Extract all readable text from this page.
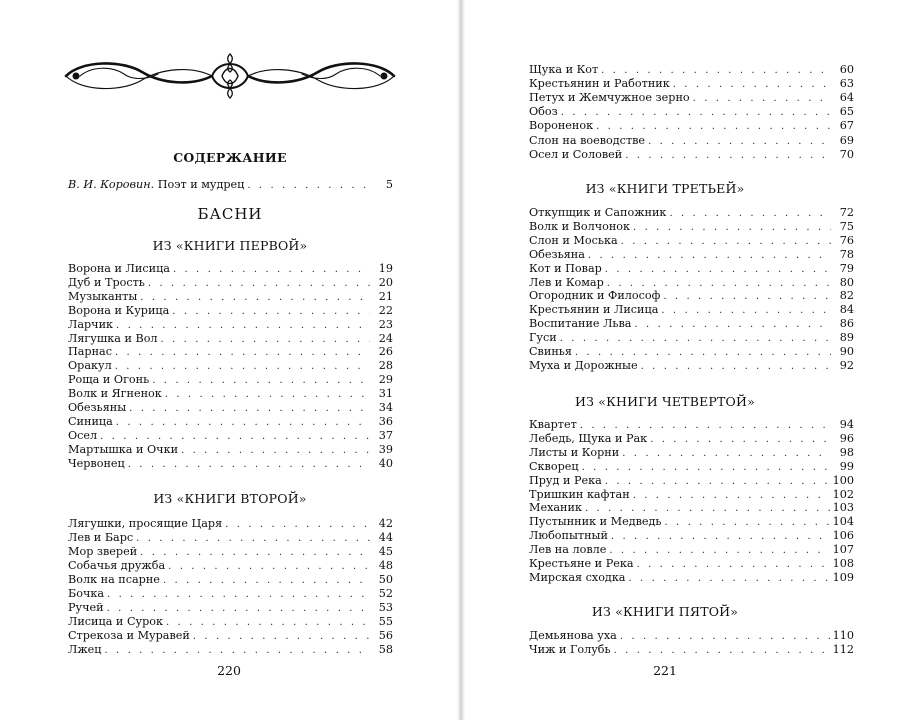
СОДЕРЖАНИЕ
В. И. Коровин. Поэт и мудрец . . .	5
БАСНИ
ИЗ «КНИГИ ПЕРВОЙ»
Ворона и Лисица . . .	19
Дуб и Трость . . .	20
Музыканты . . .	21
Ворона и Курица . . .	22
Ларчик . . .	23
Лягушка и Вол . . .	24
Парнас . . .	26
Оракул . . .	28
Роща и Огонь . . .	29
Волк и Ягненок . . .	31
Обезьяны . . .	34
Синица . . .	36
Осел . . .	37
Мартышка и Очки . . .	39
Червонец . . .	40
ИЗ «КНИГИ ВТОРОЙ»
Лягушки, просящие Царя . . .	42
Лев и Барс . . .	44
Мор зверей . . .	45
Собачья дружба . . .	48
Волк на псарне . . .	50
Бочка . . .	52
Ручей . . .	53
Лисица и Сурок . . .	55
Стрекоза и Муравей . . .	56
Лжец . . .	58
220
Щука и Кот . . .	60
Крестьянин и Работник . . .	63
Петух и Жемчужное зерно . . .	64
Обоз . . .	65
Вороненок . . .	67
Слон на воеводстве . . .	69
Осел и Соловей . . .	70
ИЗ «КНИГИ ТРЕТЬЕЙ»
Откупщик и Сапожник . . .	72
Волк и Волчонок . . .	75
Слон и Моська . . .	76
Обезьяна . . .	78
Кот и Повар . . .	79
Лев и Комар . . .	80
Огородник и Философ . . .	82
Крестьянин и Лисица . . .	84
Воспитание Льва . . .	86
Гуси . . .	89
Свинья . . .	90
Муха и Дорожные . . .	92
ИЗ «КНИГИ ЧЕТВЕРТОЙ»
Квартет . . .	94
Лебедь, Щука и Рак . . .	96
Листы и Корни . . .	98
Скворец . . .	99
Пруд и Река . . .	100
Тришкин кафтан . . .	102
Механик . . .	103
Пустынник и Медведь . . .	104
Любопытный . . .	106
Лев на ловле . . .	107
Крестьяне и Река . . .	108
Мирская сходка . . .	109
ИЗ «КНИГИ ПЯТОЙ»
Демьянова уха . . .	110
Чиж и Голубь . . .	112
221
